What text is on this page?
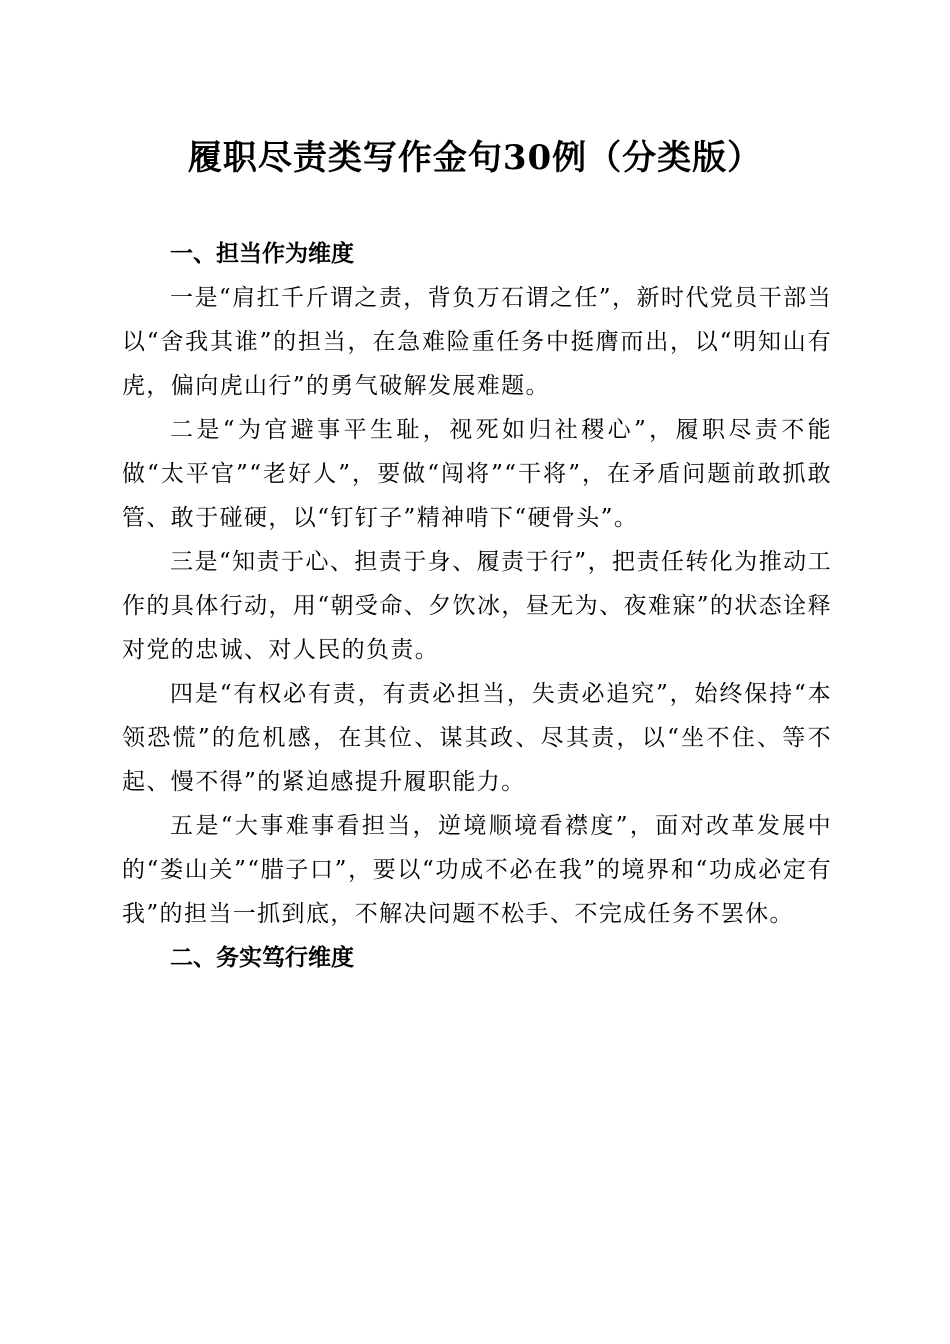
履职尽责类写作金句30例（分类版）
一、担当作为维度

一是“肩扛千斤谓之责，背负万石谓之任”，新时代党员干部当以“舍我其谁”的担当，在急难险重任务中挺膺而出，以“明知山有虎，偏向虎山行”的勇气破解发展难题。

二是“为官避事平生耻，视死如归社稷心”，履职尽责不能做“太平官”“老好人”，要做“闯将”“干将”，在矛盾问题前敢抓敢管、敢于碰硬，以“钉钉子”精神啃下“硬骨头”。

三是“知责于心、担责于身、履责于行”，把责任转化为推动工作的具体行动，用“朝受命、夕饮冰，昼无为、夜难寐”的状态诠释对党的忠诚、对人民的负责。

四是“有权必有责，有责必担当，失责必追究”，始终保持“本领恐慌”的危机感，在其位、谋其政、尽其责，以“坐不住、等不起、慢不得”的紧迫感提升履职能力。

五是“大事难事看担当，逆境顺境看襟度”，面对改革发展中的“娄山关”“腊子口”，要以“功成不必在我”的境界和“功成必定有我”的担当一抓到底，不解决问题不松手、不完成任务不罢休。

二、务实笃行维度
